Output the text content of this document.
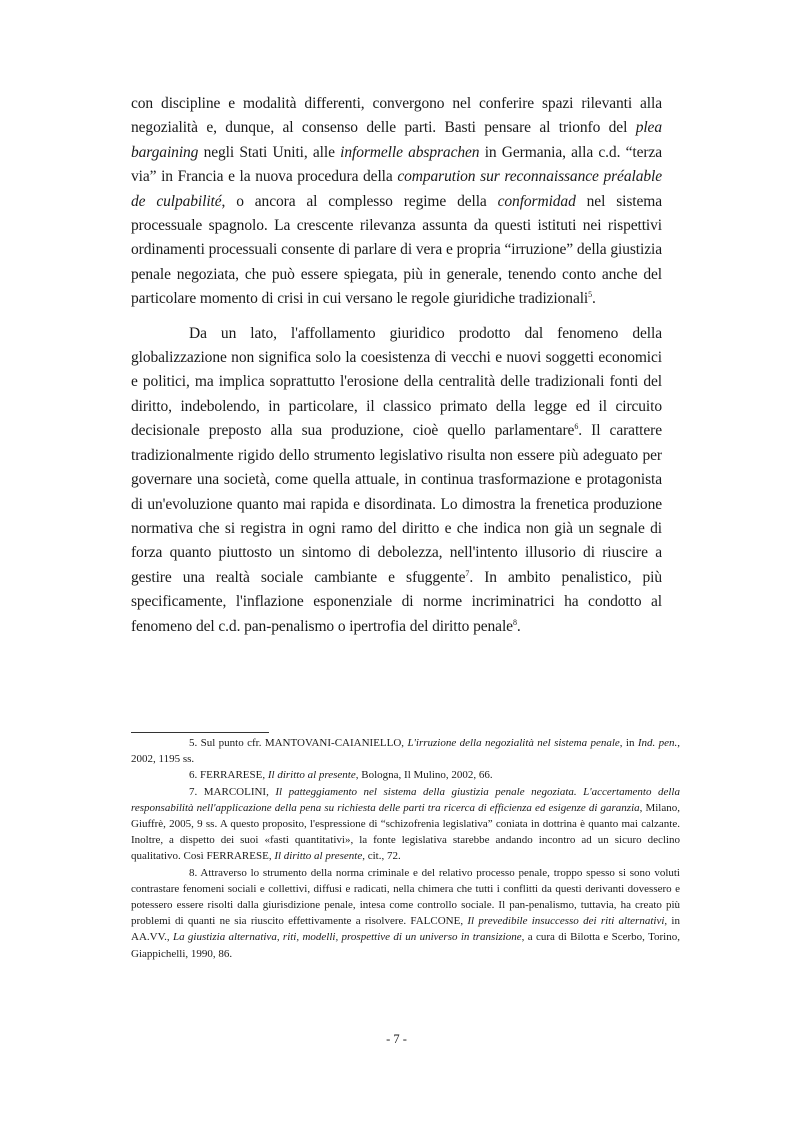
con discipline e modalità differenti, convergono nel conferire spazi rilevanti alla negozialità e, dunque, al consenso delle parti. Basti pensare al trionfo del plea bargaining negli Stati Uniti, alle informelle absprachen in Germania, alla c.d. “terza via” in Francia e la nuova procedura della comparution sur reconnaissance préalable de culpabilité, o ancora al complesso regime della conformidad nel sistema processuale spagnolo. La crescente rilevanza assunta da questi istituti nei rispettivi ordinamenti processuali consente di parlare di vera e propria “irruzione” della giustizia penale negoziata, che può essere spiegata, più in generale, tenendo conto anche del particolare momento di crisi in cui versano le regole giuridiche tradizionali$^5$.

Da un lato, l'affollamento giuridico prodotto dal fenomeno della globalizzazione non significa solo la coesistenza di vecchi e nuovi soggetti economici e politici, ma implica soprattutto l'erosione della centralità delle tradizionali fonti del diritto, indebolendo, in particolare, il classico primato della legge ed il circuito decisionale preposto alla sua produzione, cioè quello parlamentare$^6$. Il carattere tradizionalmente rigido dello strumento legislativo risulta non essere più adeguato per governare una società, come quella attuale, in continua trasformazione e protagonista di un'evoluzione quanto mai rapida e disordinata. Lo dimostra la frenetica produzione normativa che si registra in ogni ramo del diritto e che indica non già un segnale di forza quanto piuttosto un sintomo di debolezza, nell'intento illusorio di riuscire a gestire una realtà sociale cambiante e sfuggente$^7$. In ambito penalistico, più specificamente, l'inflazione esponenziale di norme incriminatrici ha condotto al fenomeno del c.d. pan-penalismo o ipertrofia del diritto penale$^8$.

5. Sul punto cfr. MANTOVANI-CAIANIELLO, L'irruzione della negozialità nel sistema penale, in Ind. pen., 2002, 1195 ss.

6. FERRARESE, Il diritto al presente, Bologna, Il Mulino, 2002, 66.

7. MARCOLINI, Il patteggiamento nel sistema della giustizia penale negoziata. L'accertamento della responsabilità nell'applicazione della pena su richiesta delle parti tra ricerca di efficienza ed esigenze di garanzia, Milano, Giuffrè, 2005, 9 ss. A questo proposito, l'espressione di “schizofrenia legislativa” coniata in dottrina è quanto mai calzante. Inoltre, a dispetto dei suoi «fasti quantitativi», la fonte legislativa starebbe andando incontro ad un sicuro declino qualitativo. Così FERRARESE, Il diritto al presente, cit., 72.

8. Attraverso lo strumento della norma criminale e del relativo processo penale, troppo spesso si sono voluti contrastare fenomeni sociali e collettivi, diffusi e radicati, nella chimera che tutti i conflitti da questi derivanti dovessero e potessero essere risolti dalla giurisdizione penale, intesa come controllo sociale. Il pan-penalismo, tuttavia, ha creato più problemi di quanti ne sia riuscito effettivamente a risolvere. FALCONE, Il prevedibile insuccesso dei riti alternativi, in AA.VV., La giustizia alternativa, riti, modelli, prospettive di un universo in transizione, a cura di Bilotta e Scerbo, Torino, Giappichelli, 1990, 86.

- 7 -
